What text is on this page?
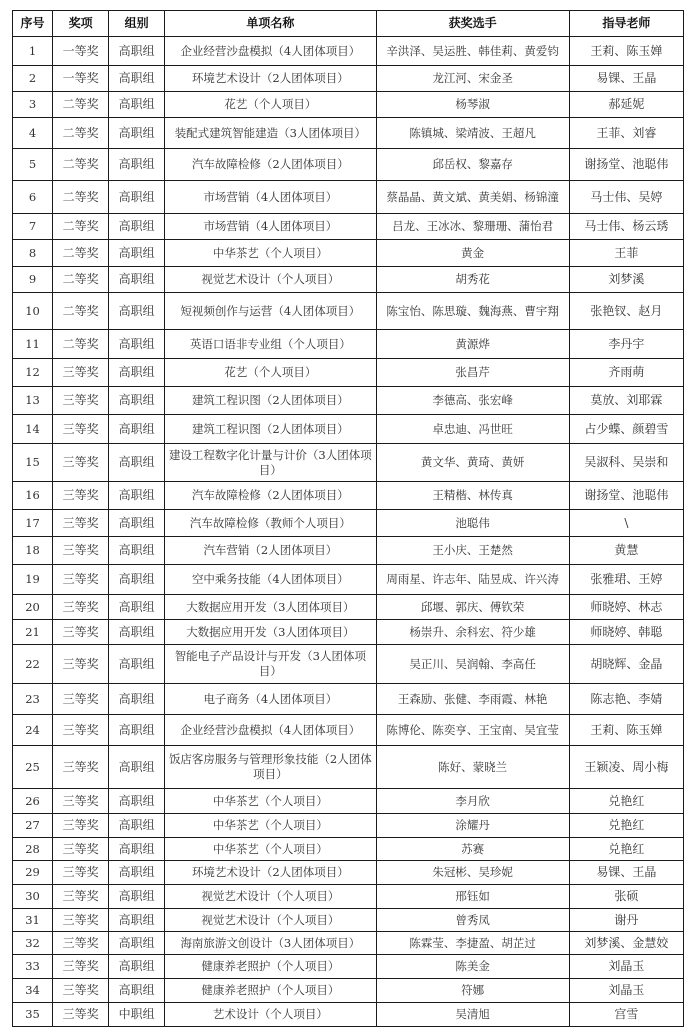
序号	奖项	组别	单项名称	获奖选手	指导老师
1	一等奖	高职组	企业经营沙盘模拟（4人团体项目）	辛洪泽、吴运胜、韩佳莉、黄爱钧	王莉、陈玉婵
2	一等奖	高职组	环境艺术设计（2人团体项目）	龙江河、宋金圣	易锞、王晶
3	二等奖	高职组	花艺（个人项目）	杨琴淑	郝延妮
4	二等奖	高职组	装配式建筑智能建造（3人团体项目）	陈镇城、梁靖波、王超凡	王菲、刘睿
5	二等奖	高职组	汽车故障检修（2人团体项目）	邱岳权、黎嘉存	谢扬堂、池聪伟
6	二等奖	高职组	市场营销（4人团体项目）	蔡晶晶、黄文斌、黄美娟、杨锦潼	马士伟、吴婷
7	二等奖	高职组	市场营销（4人团体项目）	吕龙、王冰冰、黎珊珊、蒲怡君	马士伟、杨云琇
8	二等奖	高职组	中华茶艺（个人项目）	黄金	王菲
9	二等奖	高职组	视觉艺术设计（个人项目）	胡秀花	刘梦溪
10	二等奖	高职组	短视频创作与运营（4人团体项目）	陈宝怡、陈思璇、魏海燕、曹宇翔	张艳钗、赵月
11	二等奖	高职组	英语口语非专业组（个人项目）	黄源烨	李丹宇
12	三等奖	高职组	花艺（个人项目）	张昌芹	齐雨萌
13	三等奖	高职组	建筑工程识图（2人团体项目）	李德高、张宏峰	莫放、刘耶霖
14	三等奖	高职组	建筑工程识图（2人团体项目）	卓忠迪、冯世旺	占少蝶、颜碧雪
15	三等奖	高职组	建设工程数字化计量与计价（3人团体项目）	黄文华、黄琦、黄妍	吴淑科、吴崇和
16	三等奖	高职组	汽车故障检修（2人团体项目）	王精楷、林传真	谢扬堂、池聪伟
17	三等奖	高职组	汽车故障检修（教师个人项目）	池聪伟	\
18	三等奖	高职组	汽车营销（2人团体项目）	王小庆、王楚然	黄慧
19	三等奖	高职组	空中乘务技能（4人团体项目）	周雨星、许志年、陆昱成、许兴涛	张雅珺、王婷
20	三等奖	高职组	大数据应用开发（3人团体项目）	邱堰、郭庆、傅钦荣	师晓婷、林志
21	三等奖	高职组	大数据应用开发（3人团体项目）	杨崇升、余科宏、符少雄	师晓婷、韩聪
22	三等奖	高职组	智能电子产品设计与开发（3人团体项目）	吴正川、吴润翰、李高任	胡晓辉、金晶
23	三等奖	高职组	电子商务（4人团体项目）	王森励、张健、李雨霞、林艳	陈志艳、李婧
24	三等奖	高职组	企业经营沙盘模拟（4人团体项目）	陈博伦、陈奕亨、王宝南、吴宜莹	王莉、陈玉婵
25	三等奖	高职组	饭店客房服务与管理形象技能（2人团体项目）	陈好、蒙晓兰	王颖凌、周小梅
26	三等奖	高职组	中华茶艺（个人项目）	李月欣	兑艳红
27	三等奖	高职组	中华茶艺（个人项目）	涂耀丹	兑艳红
28	三等奖	高职组	中华茶艺（个人项目）	苏赛	兑艳红
29	三等奖	高职组	环境艺术设计（2人团体项目）	朱冠彬、吴珍妮	易锞、王晶
30	三等奖	高职组	视觉艺术设计（个人项目）	邢钰如	张硕
31	三等奖	高职组	视觉艺术设计（个人项目）	曾秀凤	谢丹
32	三等奖	高职组	海南旅游文创设计（3人团体项目）	陈霖莹、李捷盈、胡芷过	刘梦溪、金慧姣
33	三等奖	高职组	健康养老照护（个人项目）	陈美金	刘晶玉
34	三等奖	高职组	健康养老照护（个人项目）	符娜	刘晶玉
35	三等奖	中职组	艺术设计（个人项目）	吴清旭	宫雪
